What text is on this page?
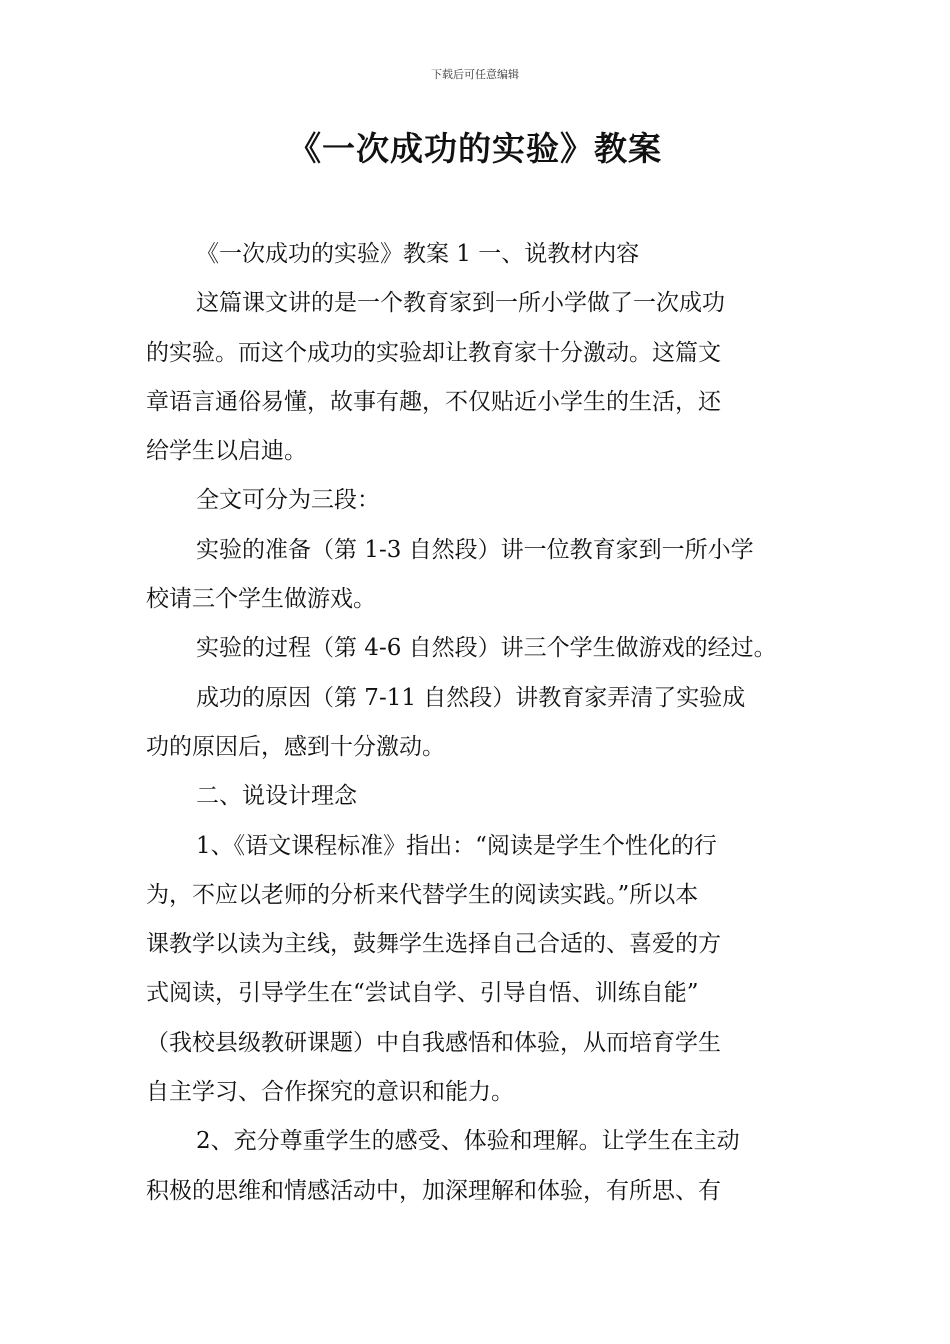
下载后可任意编辑
《一次成功的实验》教案

《一次成功的实验》教案 1 一、说教材内容

这篇课文讲的是一个教育家到一所小学做了一次成功
的实验。而这个成功的实验却让教育家十分激动。这篇文
章语言通俗易懂，故事有趣，不仅贴近小学生的生活，还
给学生以启迪。

全文可分为三段：

实验的准备（第 1-3 自然段）讲一位教育家到一所小学
校请三个学生做游戏。

实验的过程（第 4-6 自然段）讲三个学生做游戏的经过。

成功的原因（第 7-11 自然段）讲教育家弄清了实验成
功的原因后，感到十分激动。

二、说设计理念

1、《语文课程标准》指出：“阅读是学生个性化的行
为，不应以老师的分析来代替学生的阅读实践。”所以本
课教学以读为主线，鼓舞学生选择自己合适的、喜爱的方
式阅读，引导学生在“尝试自学、引导自悟、训练自能”
（我校县级教研课题）中自我感悟和体验，从而培育学生
自主学习、合作探究的意识和能力。

2、充分尊重学生的感受、体验和理解。让学生在主动
积极的思维和情感活动中，加深理解和体验，有所思、有
